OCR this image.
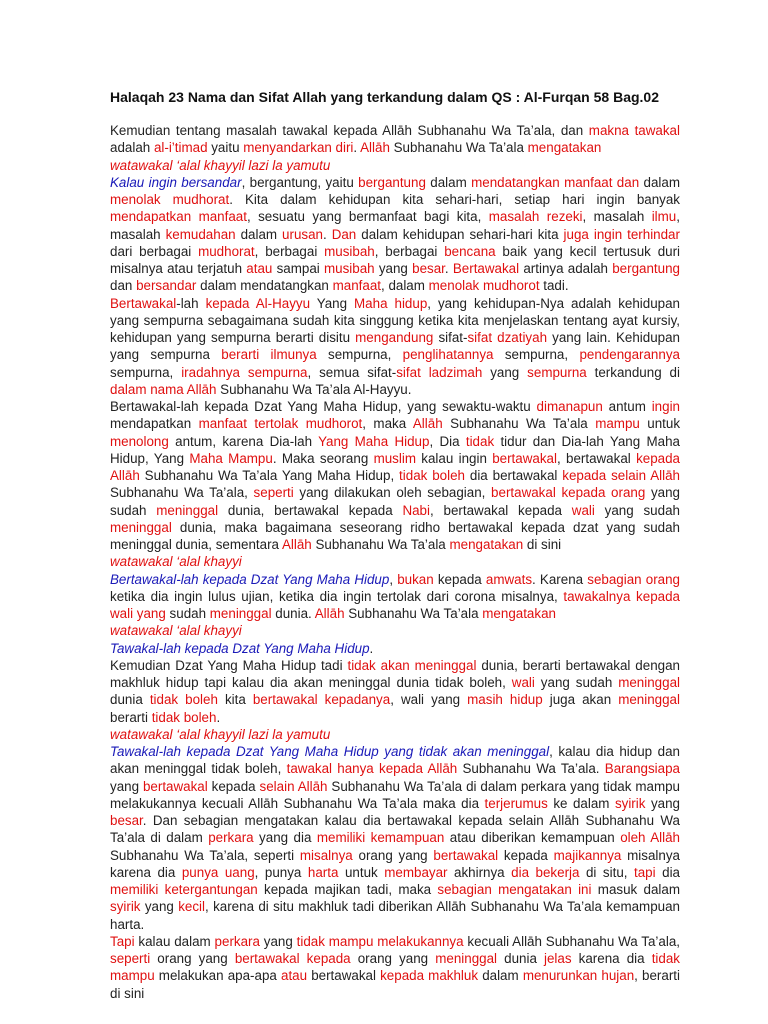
Halaqah 23 Nama dan Sifat Allah yang terkandung dalam QS : Al-Furqan 58 Bag.02

Kemudian tentang masalah tawakal kepada Allāh Subhanahu Wa Ta’ala, dan makna tawakal adalah al-i’timad yaitu menyandarkan diri. Allāh Subhanahu Wa Ta’ala mengatakan

watawakal ‘alal khayyil lazi la yamutu

Kalau ingin bersandar, bergantung, yaitu bergantung dalam mendatangkan manfaat dan dalam menolak mudhorat. Kita dalam kehidupan kita sehari-hari, setiap hari ingin banyak mendapatkan manfaat, sesuatu yang bermanfaat bagi kita, masalah rezeki, masalah ilmu, masalah kemudahan dalam urusan. Dan dalam kehidupan sehari-hari kita juga ingin terhindar dari berbagai mudhorat, berbagai musibah, berbagai bencana baik yang kecil tertusuk duri misalnya atau terjatuh atau sampai musibah yang besar. Bertawakal artinya adalah bergantung dan bersandar dalam mendatangkan manfaat, dalam menolak mudhorot tadi.

Bertawakal-lah kepada Al-Hayyu Yang Maha hidup, yang kehidupan-Nya adalah kehidupan yang sempurna sebagaimana sudah kita singgung ketika kita menjelaskan tentang ayat kursiy, kehidupan yang sempurna berarti disitu mengandung sifat-sifat dzatiyah yang lain. Kehidupan yang sempurna berarti ilmunya sempurna, penglihatannya sempurna, pendengarannya sempurna, iradahnya sempurna, semua sifat-sifat ladzimah yang sempurna terkandung di dalam nama Allāh Subhanahu Wa Ta’ala Al-Hayyu.

Bertawakal-lah kepada Dzat Yang Maha Hidup, yang sewaktu-waktu dimanapun antum ingin mendapatkan manfaat tertolak mudhorot, maka Allāh Subhanahu Wa Ta’ala mampu untuk menolong antum, karena Dia-lah Yang Maha Hidup, Dia tidak tidur dan Dia-lah Yang Maha Hidup, Yang Maha Mampu. Maka seorang muslim kalau ingin bertawakal, bertawakal kepada Allāh Subhanahu Wa Ta’ala Yang Maha Hidup, tidak boleh dia bertawakal kepada selain Allāh Subhanahu Wa Ta’ala, seperti yang dilakukan oleh sebagian, bertawakal kepada orang yang sudah meninggal dunia, bertawakal kepada Nabi, bertawakal kepada wali yang sudah meninggal dunia, maka bagaimana seseorang ridho bertawakal kepada dzat yang sudah meninggal dunia, sementara Allāh Subhanahu Wa Ta’ala mengatakan di sini

watawakal ‘alal khayyi

Bertawakal-lah kepada Dzat Yang Maha Hidup, bukan kepada amwats. Karena sebagian orang ketika dia ingin lulus ujian, ketika dia ingin tertolak dari corona misalnya, tawakalnya kepada wali yang sudah meninggal dunia. Allāh Subhanahu Wa Ta’ala mengatakan

watawakal ‘alal khayyi

Tawakal-lah kepada Dzat Yang Maha Hidup.

Kemudian Dzat Yang Maha Hidup tadi tidak akan meninggal dunia, berarti bertawakal dengan makhluk hidup tapi kalau dia akan meninggal dunia tidak boleh, wali yang sudah meninggal dunia tidak boleh kita bertawakal kepadanya, wali yang masih hidup juga akan meninggal berarti tidak boleh.

watawakal ‘alal khayyil lazi la yamutu

Tawakal-lah kepada Dzat Yang Maha Hidup yang tidak akan meninggal, kalau dia hidup dan akan meninggal tidak boleh, tawakal hanya kepada Allāh Subhanahu Wa Ta’ala. Barangsiapa yang bertawakal kepada selain Allāh Subhanahu Wa Ta’ala di dalam perkara yang tidak mampu melakukannya kecuali Allāh Subhanahu Wa Ta’ala maka dia terjerumus ke dalam syirik yang besar. Dan sebagian mengatakan kalau dia bertawakal kepada selain Allāh Subhanahu Wa Ta’ala di dalam perkara yang dia memiliki kemampuan atau diberikan kemampuan oleh Allāh Subhanahu Wa Ta’ala, seperti misalnya orang yang bertawakal kepada majikannya misalnya karena dia punya uang, punya harta untuk membayar akhirnya dia bekerja di situ, tapi dia memiliki ketergantungan kepada majikan tadi, maka sebagian mengatakan ini masuk dalam syirik yang kecil, karena di situ makhluk tadi diberikan Allāh Subhanahu Wa Ta’ala kemampuan harta.

Tapi kalau dalam perkara yang tidak mampu melakukannya kecuali Allāh Subhanahu Wa Ta’ala, seperti orang yang bertawakal kepada orang yang meninggal dunia jelas karena dia tidak mampu melakukan apa-apa atau bertawakal kepada makhluk dalam menurunkan hujan, berarti di sini
